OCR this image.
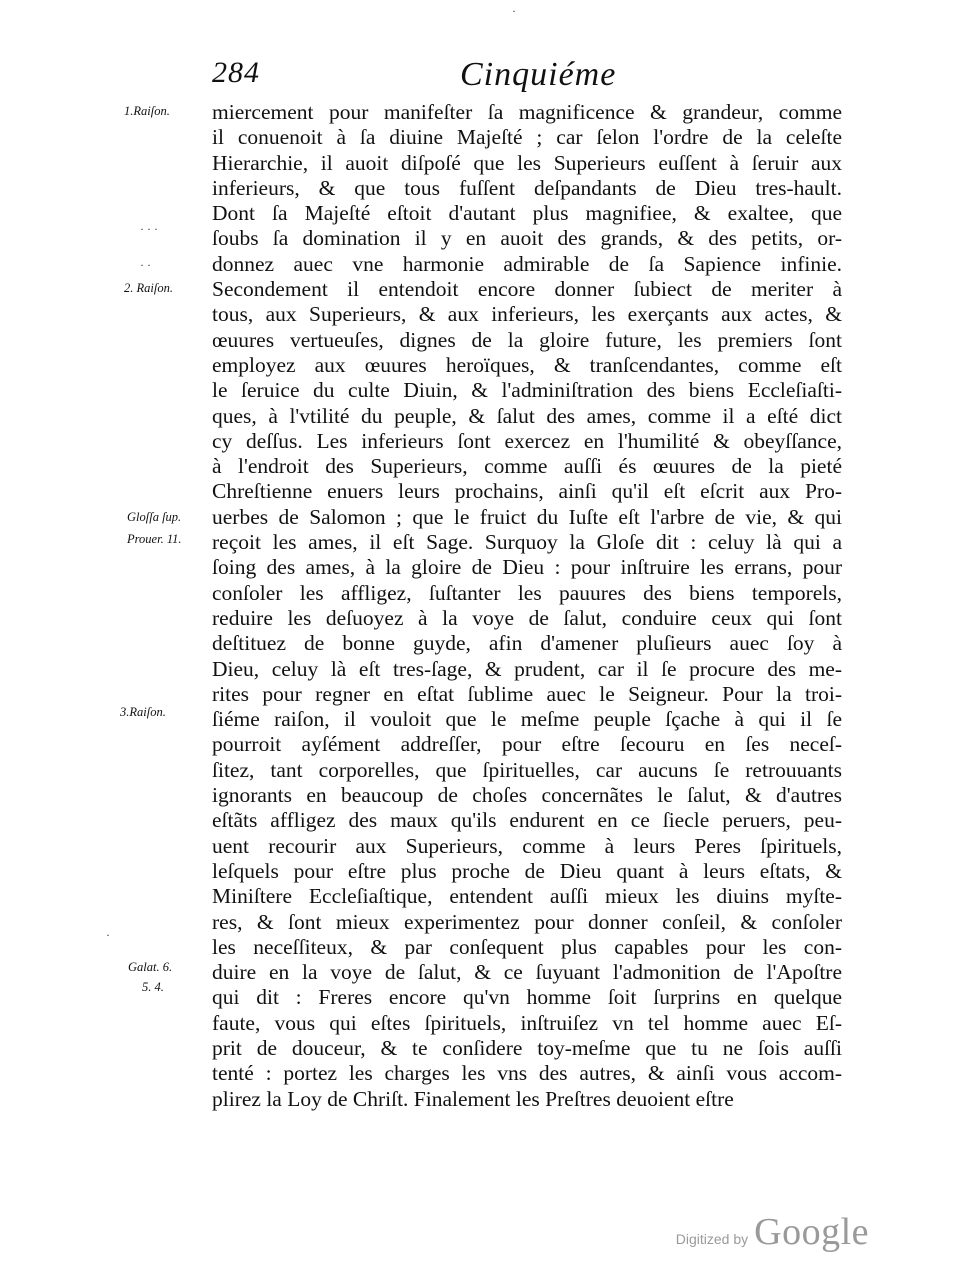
284	Cinquiéme
1.Raiſon.
2. Raiſon.
Gloſſa ſup.
Prouer. 11.
3.Raiſon.
Galat. 6.
5. 4.
· · ·
· ·
·
·
miercement pour manifeſter ſa magnificence & grandeur, comme
il conuenoit à ſa diuine Majeſté ; car ſelon l'ordre de la celeſte
Hierarchie, il auoit diſpoſé que les Superieurs euſſent à ſeruir aux
inferieurs, & que tous fuſſent deſpandants de Dieu tres-hault.
Dont ſa Majeſté eſtoit d'autant plus magnifiee, & exaltee, que
ſoubs ſa domination il y en auoit des grands, & des petits, or-
donnez auec vne harmonie admirable de ſa Sapience infinie.
Secondement il entendoit encore donner ſubiect de meriter à
tous, aux Superieurs, & aux inferieurs, les exerçants aux actes, &
œuures vertueuſes, dignes de la gloire future, les premiers ſont
employez aux œuures heroïques, & tranſcendantes, comme eſt
le ſeruice du culte Diuin, & l'adminiſtration des biens Eccleſiaſti-
ques, à l'vtilité du peuple, & ſalut des ames, comme il a eſté dict
cy deſſus. Les inferieurs ſont exercez en l'humilité & obeyſſance,
à l'endroit des Superieurs, comme auſſi és œuures de la pieté
Chreſtienne enuers leurs prochains, ainſi qu'il eſt eſcrit aux Pro-
uerbes de Salomon ; que le fruict du Iuſte eſt l'arbre de vie, & qui
reçoit les ames, il eſt Sage. Surquoy la Gloſe dit : celuy là qui a
ſoing des ames, à la gloire de Dieu : pour inſtruire les errans, pour
conſoler les affligez, ſuſtanter les pauures des biens temporels,
reduire les deſuoyez à la voye de ſalut, conduire ceux qui ſont
deſtituez de bonne guyde, afin d'amener pluſieurs auec ſoy à
Dieu, celuy là eſt tres-ſage, & prudent, car il ſe procure des me-
rites pour regner en eſtat ſublime auec le Seigneur. Pour la troi-
ſiéme raiſon, il vouloit que le meſme peuple ſçache à qui il ſe
pourroit ayſément addreſſer, pour eſtre ſecouru en ſes neceſ-
ſitez, tant corporelles, que ſpirituelles, car aucuns ſe retrouuants
ignorants en beaucoup de choſes concernãtes le ſalut, & d'autres
eſtãts affligez des maux qu'ils endurent en ce ſiecle peruers, peu-
uent recourir aux Superieurs, comme à leurs Peres ſpirituels,
leſquels pour eſtre plus proche de Dieu quant à leurs eſtats, &
Miniſtere Eccleſiaſtique, entendent auſſi mieux les diuins myſte-
res, & ſont mieux experimentez pour donner conſeil, & conſoler
les neceſſiteux, & par conſequent plus capables pour les con-
duire en la voye de ſalut, & ce ſuyuant l'admonition de l'Apoſtre
qui dit : Freres encore qu'vn homme ſoit ſurprins en quelque
faute, vous qui eſtes ſpirituels, inſtruiſez vn tel homme auec Eſ-
prit de douceur, & te conſidere toy-meſme que tu ne ſois auſſi
tenté : portez les charges les vns des autres, & ainſi vous accom-
plirez la Loy de Chriſt. Finalement les Preſtres deuoient eſtre
Digitized by Google
